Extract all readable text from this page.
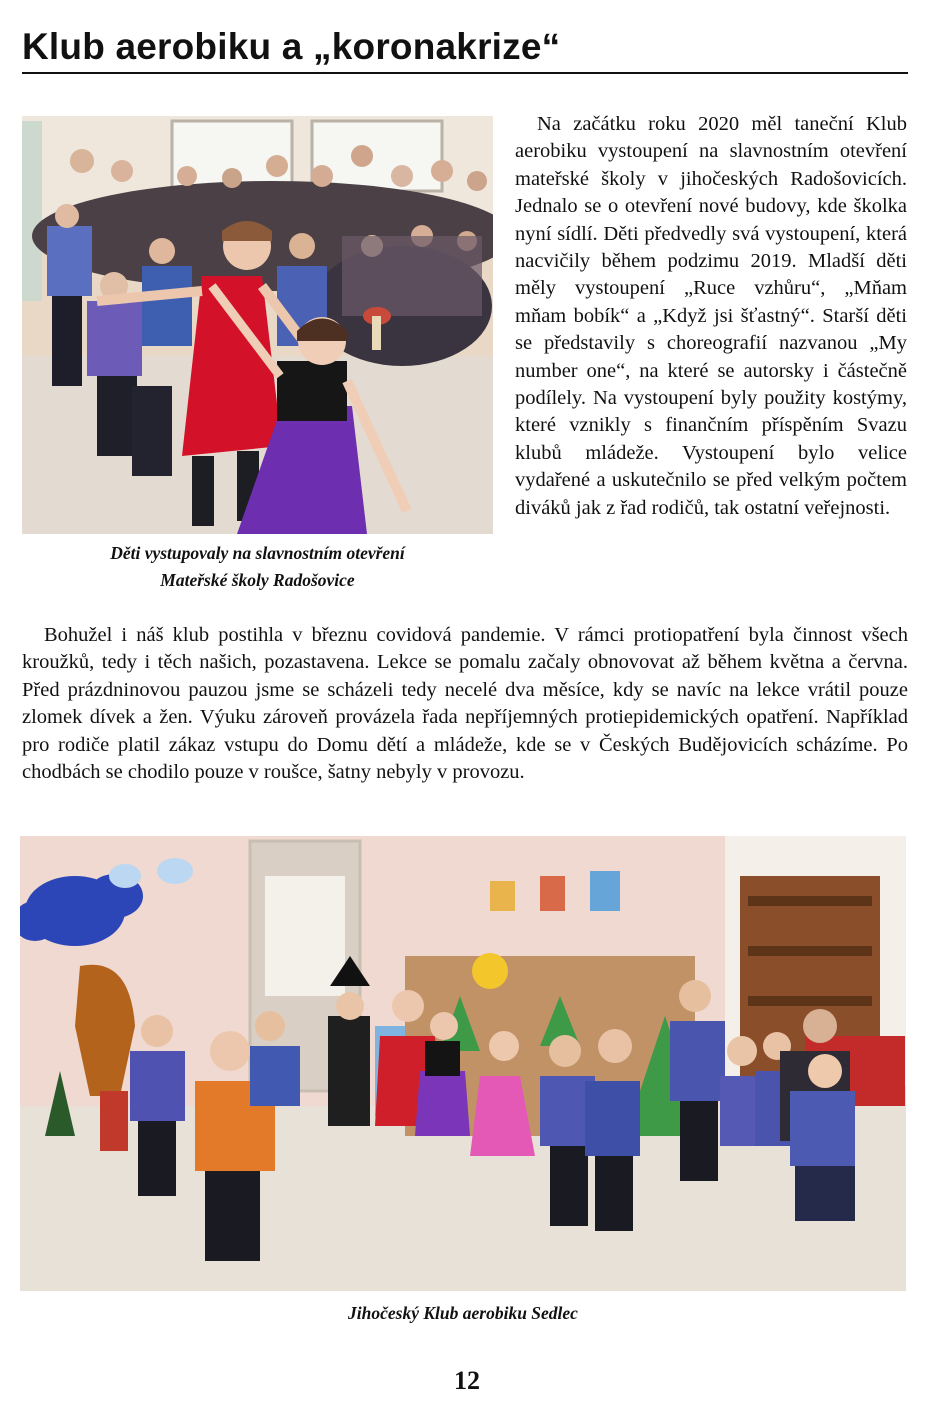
Klub aerobiku a „koronakrize“
Děti vystupovaly na slavnostním otevření
Mateřské školy Radošovice

Na začátku roku 2020 měl taneční Klub aerobiku vystoupení na slavnostním otevření mateřské školy v jihočeských Radošovicích. Jednalo se o otevření nové budovy, kde školka nyní sídlí. Děti předvedly svá vystoupení, která nacvičily během podzimu 2019. Mladší děti měly vystoupení „Ruce vzhůru“, „Mňam mňam bobík“ a „Když jsi šťastný“. Starší děti se představily s choreografií nazvanou „My number one“, na které se autorsky i částečně podílely. Na vystoupení byly použity kostýmy, které vznikly s finančním příspěním Svazu klubů mládeže. Vystoupení bylo velice vydařené a uskutečnilo se před velkým počtem diváků jak z řad rodičů, tak ostatní veřejnosti.

Bohužel i náš klub postihla v březnu covidová pandemie. V rámci protiopatření byla činnost všech kroužků, tedy i těch našich, pozastavena. Lekce se pomalu začaly obnovovat až během května a června. Před prázdninovou pauzou jsme se scházeli tedy necelé dva měsíce, kdy se navíc na lekce vrátil pouze zlomek dívek a žen. Výuku zároveň provázela řada nepříjemných protiepidemických opatření. Například pro rodiče platil zákaz vstupu do Domu dětí a mládeže, kde se v Českých Budějovicích scházíme. Po chodbách se chodilo pouze v roušce, šatny nebyly v provozu.

Jihočeský Klub aerobiku Sedlec
12
